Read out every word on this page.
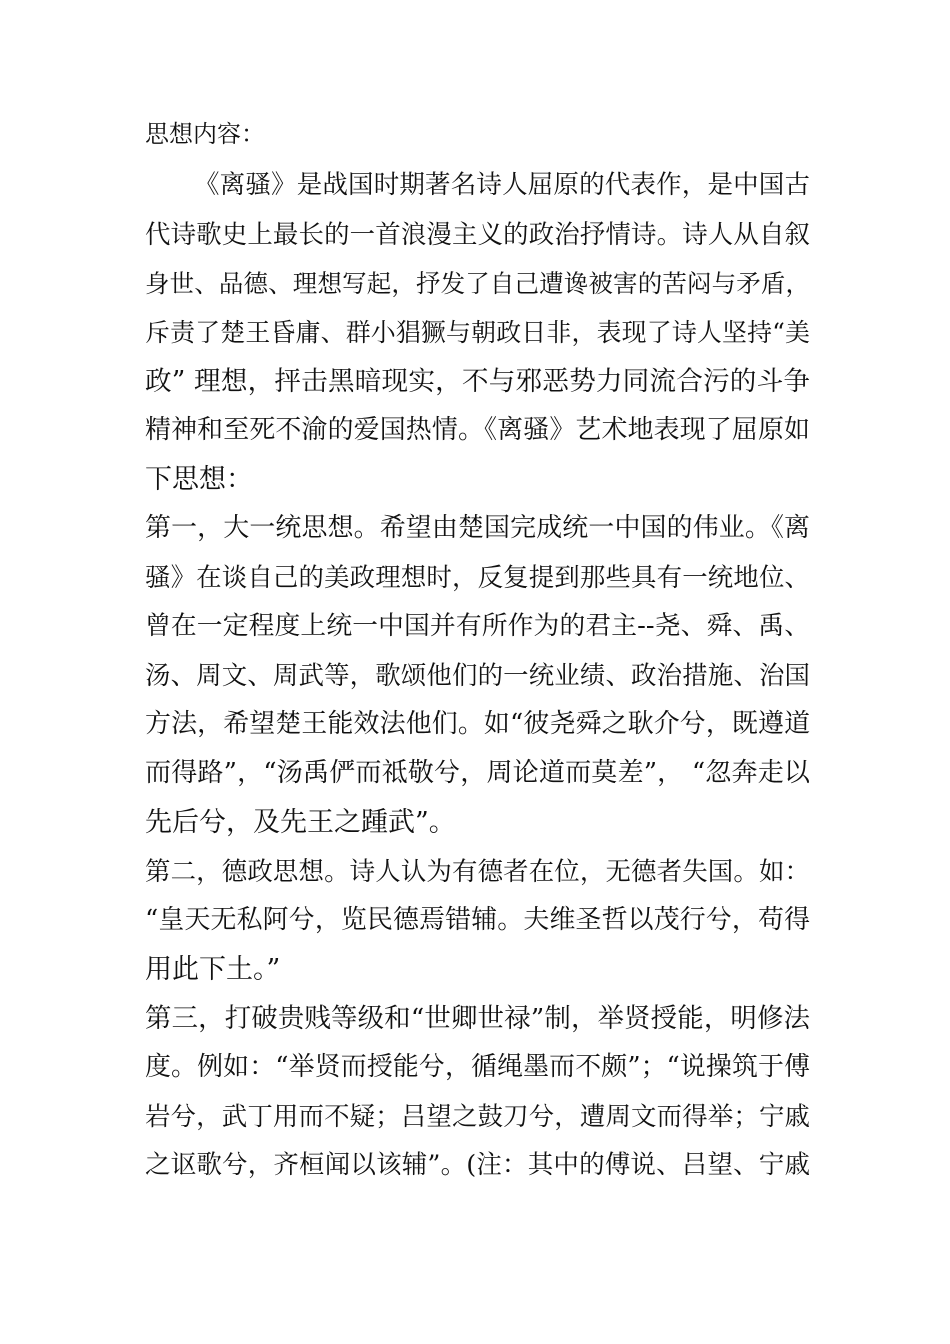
思想内容：
《离骚》是战国时期著名诗人屈原的代表作，是中国古
代诗歌史上最长的一首浪漫主义的政治抒情诗。诗人从自叙
身世、品德、理想写起，抒发了自己遭谗被害的苦闷与矛盾，
斥责了楚王昏庸、群小猖獗与朝政日非，表现了诗人坚持“美
政” 理想，抨击黑暗现实，不与邪恶势力同流合污的斗争
精神和至死不渝的爱国热情。《离骚》艺术地表现了屈原如
下思想：
第一，大一统思想。希望由楚国完成统一中国的伟业。《离
骚》在谈自己的美政理想时，反复提到那些具有一统地位、
曾在一定程度上统一中国并有所作为的君主--尧、舜、禹、
汤、周文、周武等，歌颂他们的一统业绩、政治措施、治国
方法，希望楚王能效法他们。如“彼尧舜之耿介兮，既遵道
而得路”，“汤禹俨而祗敬兮，周论道而莫差”， “忽奔走以
先后兮，及先王之踵武”。
第二，德政思想。诗人认为有德者在位，无德者失国。如：
“皇天无私阿兮，览民德焉错辅。夫维圣哲以茂行兮，苟得
用此下土。”
第三，打破贵贱等级和“世卿世禄”制，举贤授能，明修法
度。例如：“举贤而授能兮，循绳墨而不颇”；“说操筑于傅
岩兮，武丁用而不疑；吕望之鼓刀兮，遭周文而得举；宁戚
之讴歌兮，齐桓闻以该辅”。(注：其中的傅说、吕望、宁戚
